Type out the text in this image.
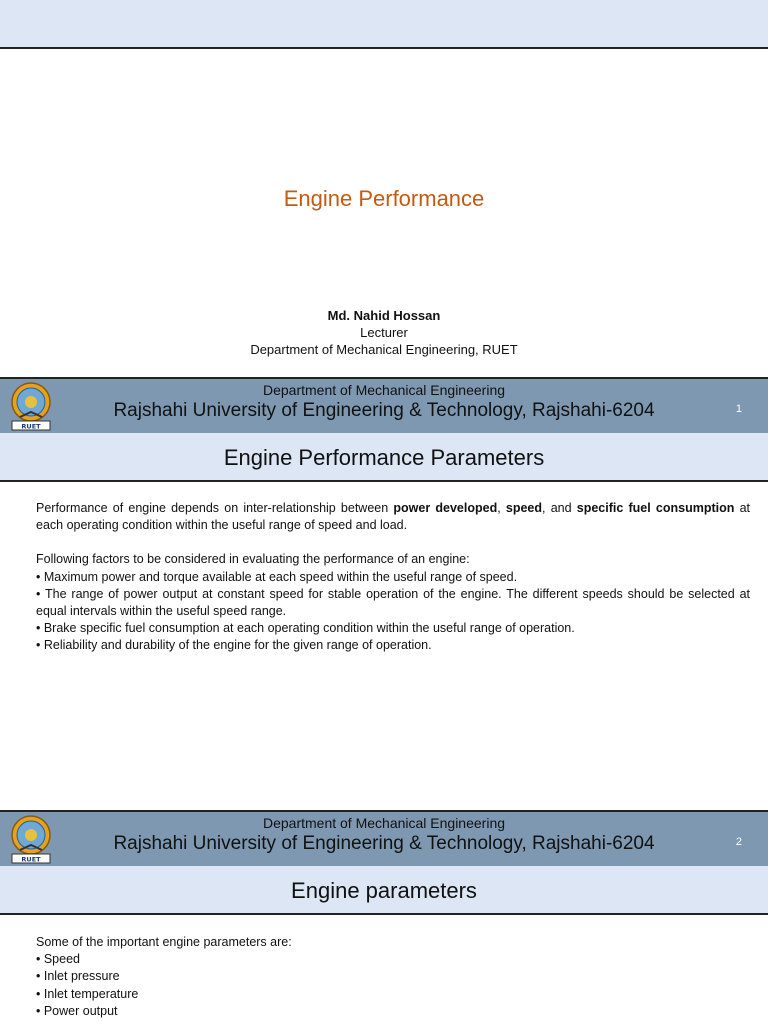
Engine Performance
Md. Nahid Hossan
Lecturer
Department of Mechanical Engineering, RUET
RUET
Department of Mechanical Engineering
Rajshahi University of Engineering & Technology, Rajshahi-6204	1
Engine Performance Parameters

Performance of engine depends on inter-relationship between power developed, speed, and specific fuel consumption at each operating condition within the useful range of speed and load.

Following factors to be considered in evaluating the performance of an engine:

• Maximum power and torque available at each speed within the useful range of speed.

• The range of power output at constant speed for stable operation of the engine. The different speeds should be selected at equal intervals within the useful speed range.

• Brake specific fuel consumption at each operating condition within the useful range of operation.

• Reliability and durability of the engine for the given range of operation.

RUET
Department of Mechanical Engineering
Rajshahi University of Engineering & Technology, Rajshahi-6204	2
Engine parameters

Some of the important engine parameters are:

• Speed

• Inlet pressure

• Inlet temperature

• Power output
